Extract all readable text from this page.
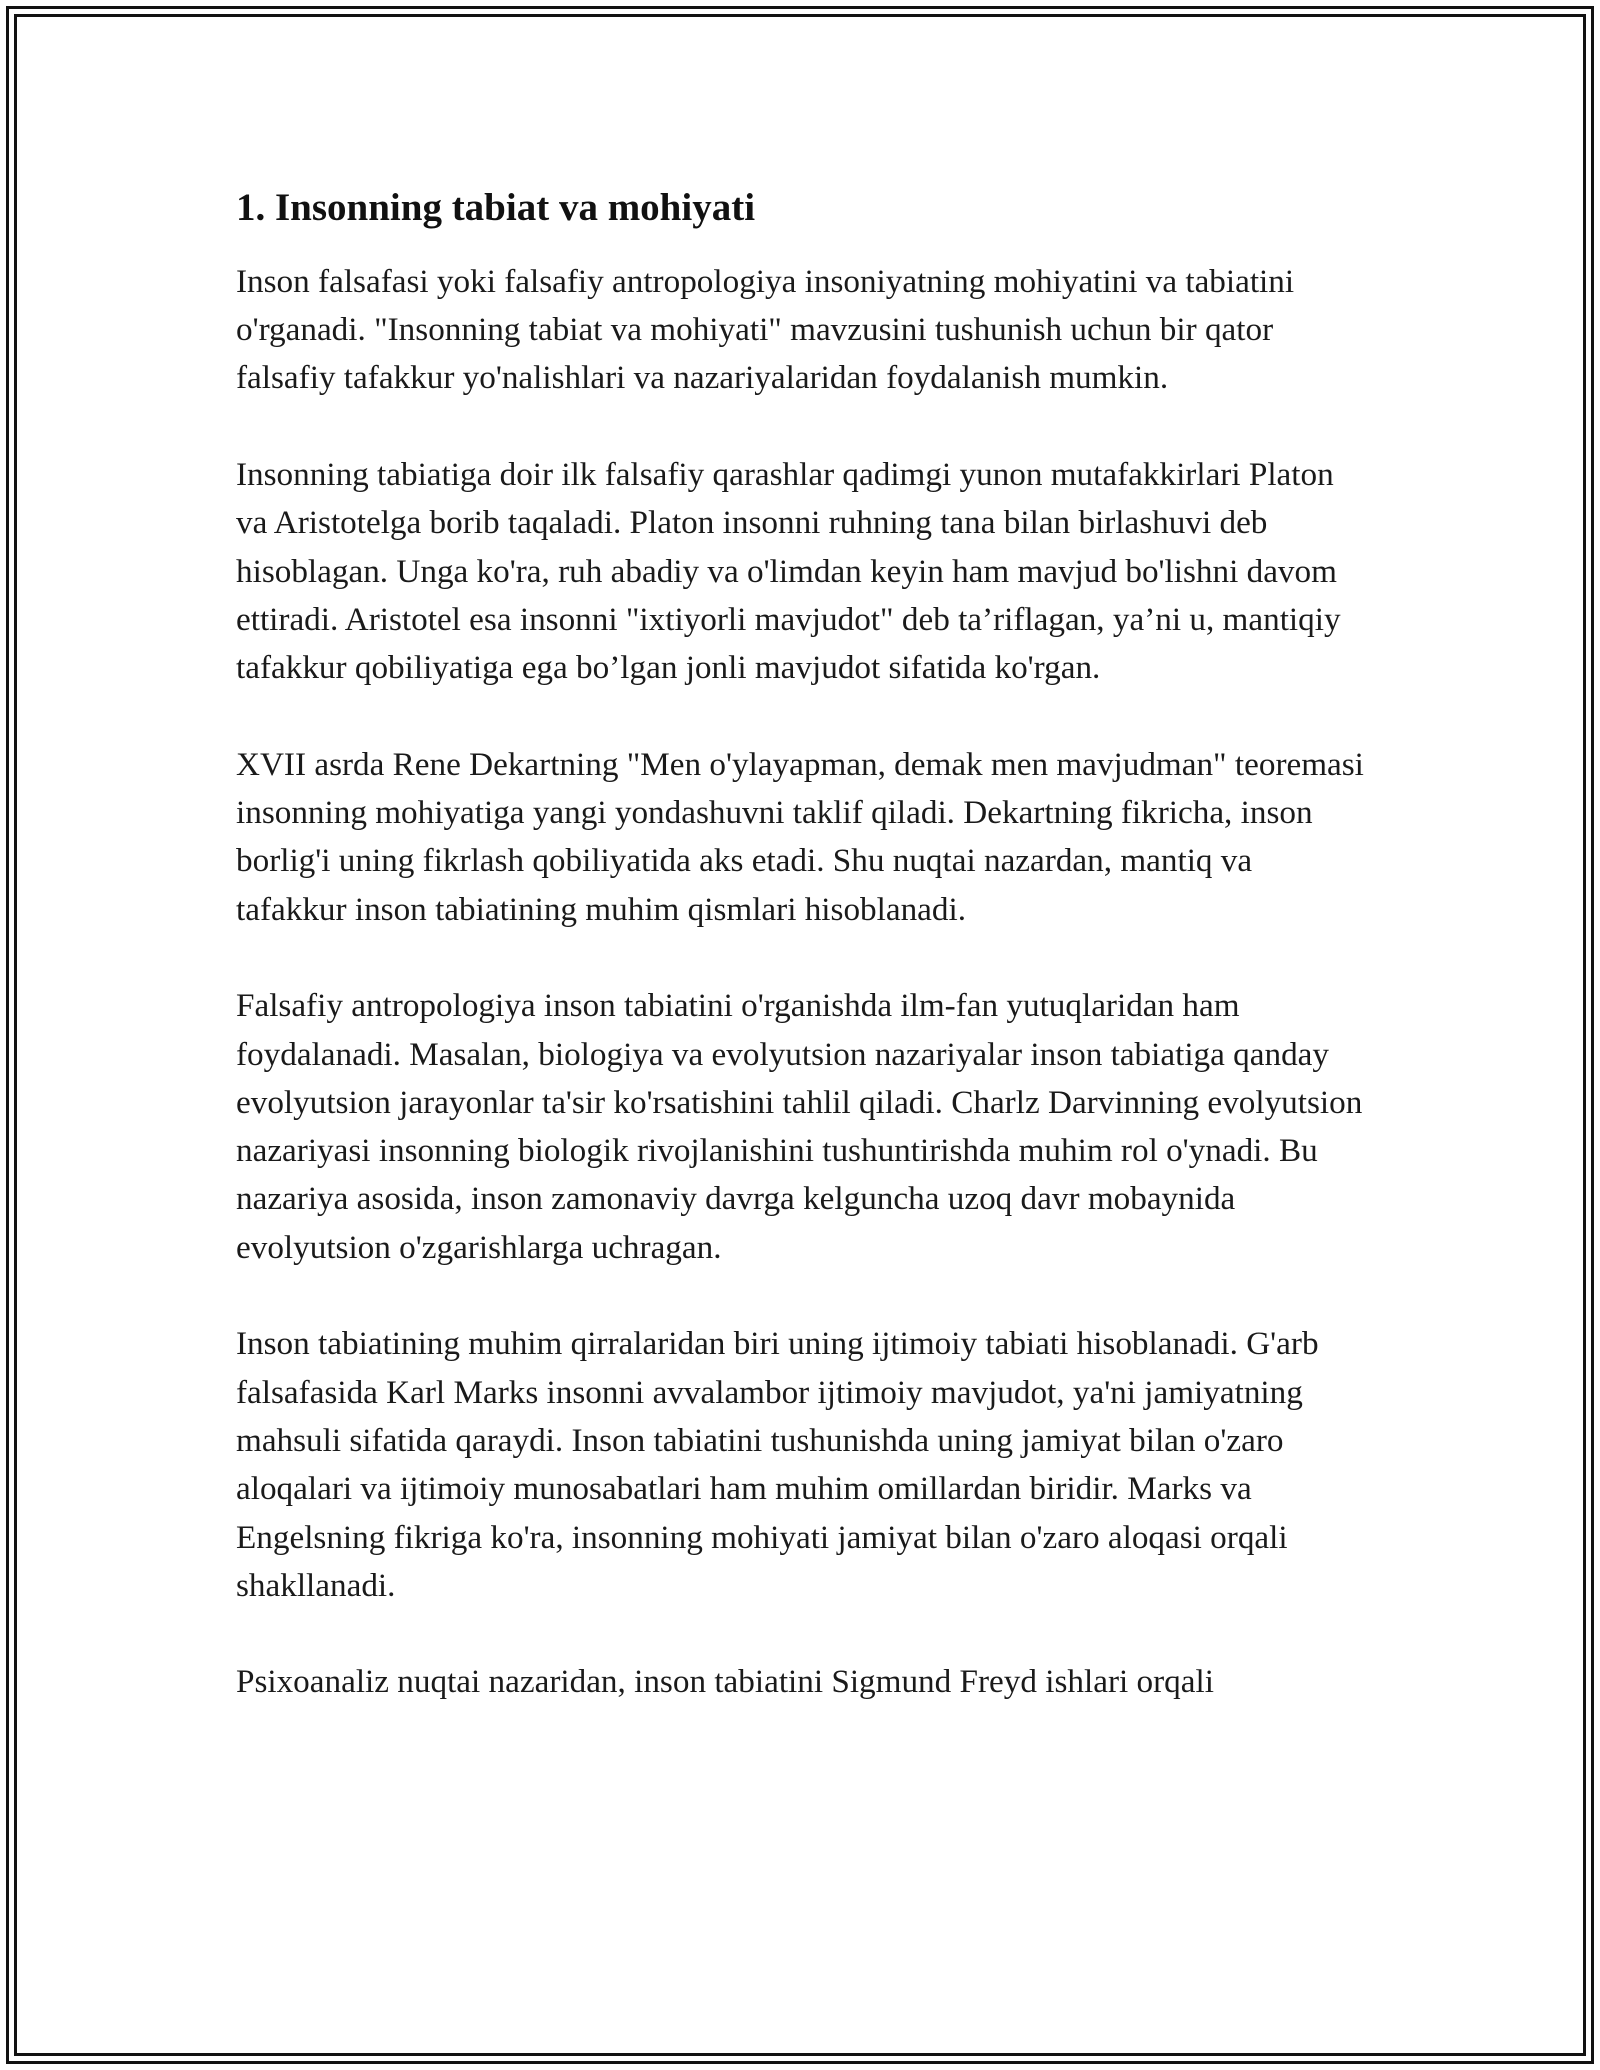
1. Insonning tabiat va mohiyati

Inson falsafasi yoki falsafiy antropologiya insoniyatning mohiyatini va tabiatini o'rganadi. "Insonning tabiat va mohiyati" mavzusini tushunish uchun bir qator falsafiy tafakkur yo'nalishlari va nazariyalaridan foydalanish mumkin.

Insonning tabiatiga doir ilk falsafiy qarashlar qadimgi yunon mutafakkirlari Platon va Aristotelga borib taqaladi. Platon insonni ruhning tana bilan birlashuvi deb hisoblagan. Unga ko'ra, ruh abadiy va o'limdan keyin ham mavjud bo'lishni davom ettiradi. Aristotel esa insonni "ixtiyorli mavjudot" deb ta’riflagan, ya’ni u, mantiqiy tafakkur qobiliyatiga ega bo’lgan jonli mavjudot sifatida ko'rgan.

XVII asrda Rene Dekartning "Men o'ylayapman, demak men mavjudman" teoremasi insonning mohiyatiga yangi yondashuvni taklif qiladi. Dekartning fikricha, inson borlig'i uning fikrlash qobiliyatida aks etadi. Shu nuqtai nazardan, mantiq va tafakkur inson tabiatining muhim qismlari hisoblanadi.

Falsafiy antropologiya inson tabiatini o'rganishda ilm-fan yutuqlaridan ham foydalanadi. Masalan, biologiya va evolyutsion nazariyalar inson tabiatiga qanday evolyutsion jarayonlar ta'sir ko'rsatishini tahlil qiladi. Charlz Darvinning evolyutsion nazariyasi insonning biologik rivojlanishini tushuntirishda muhim rol o'ynadi. Bu nazariya asosida, inson zamonaviy davrga kelguncha uzoq davr mobaynida evolyutsion o'zgarishlarga uchragan.

Inson tabiatining muhim qirralaridan biri uning ijtimoiy tabiati hisoblanadi. G'arb falsafasida Karl Marks insonni avvalambor ijtimoiy mavjudot, ya'ni jamiyatning mahsuli sifatida qaraydi. Inson tabiatini tushunishda uning jamiyat bilan o'zaro aloqalari va ijtimoiy munosabatlari ham muhim omillardan biridir. Marks va Engelsning fikriga ko'ra, insonning mohiyati jamiyat bilan o'zaro aloqasi orqali shakllanadi.

Psixoanaliz nuqtai nazaridan, inson tabiatini Sigmund Freyd ishlari orqali
